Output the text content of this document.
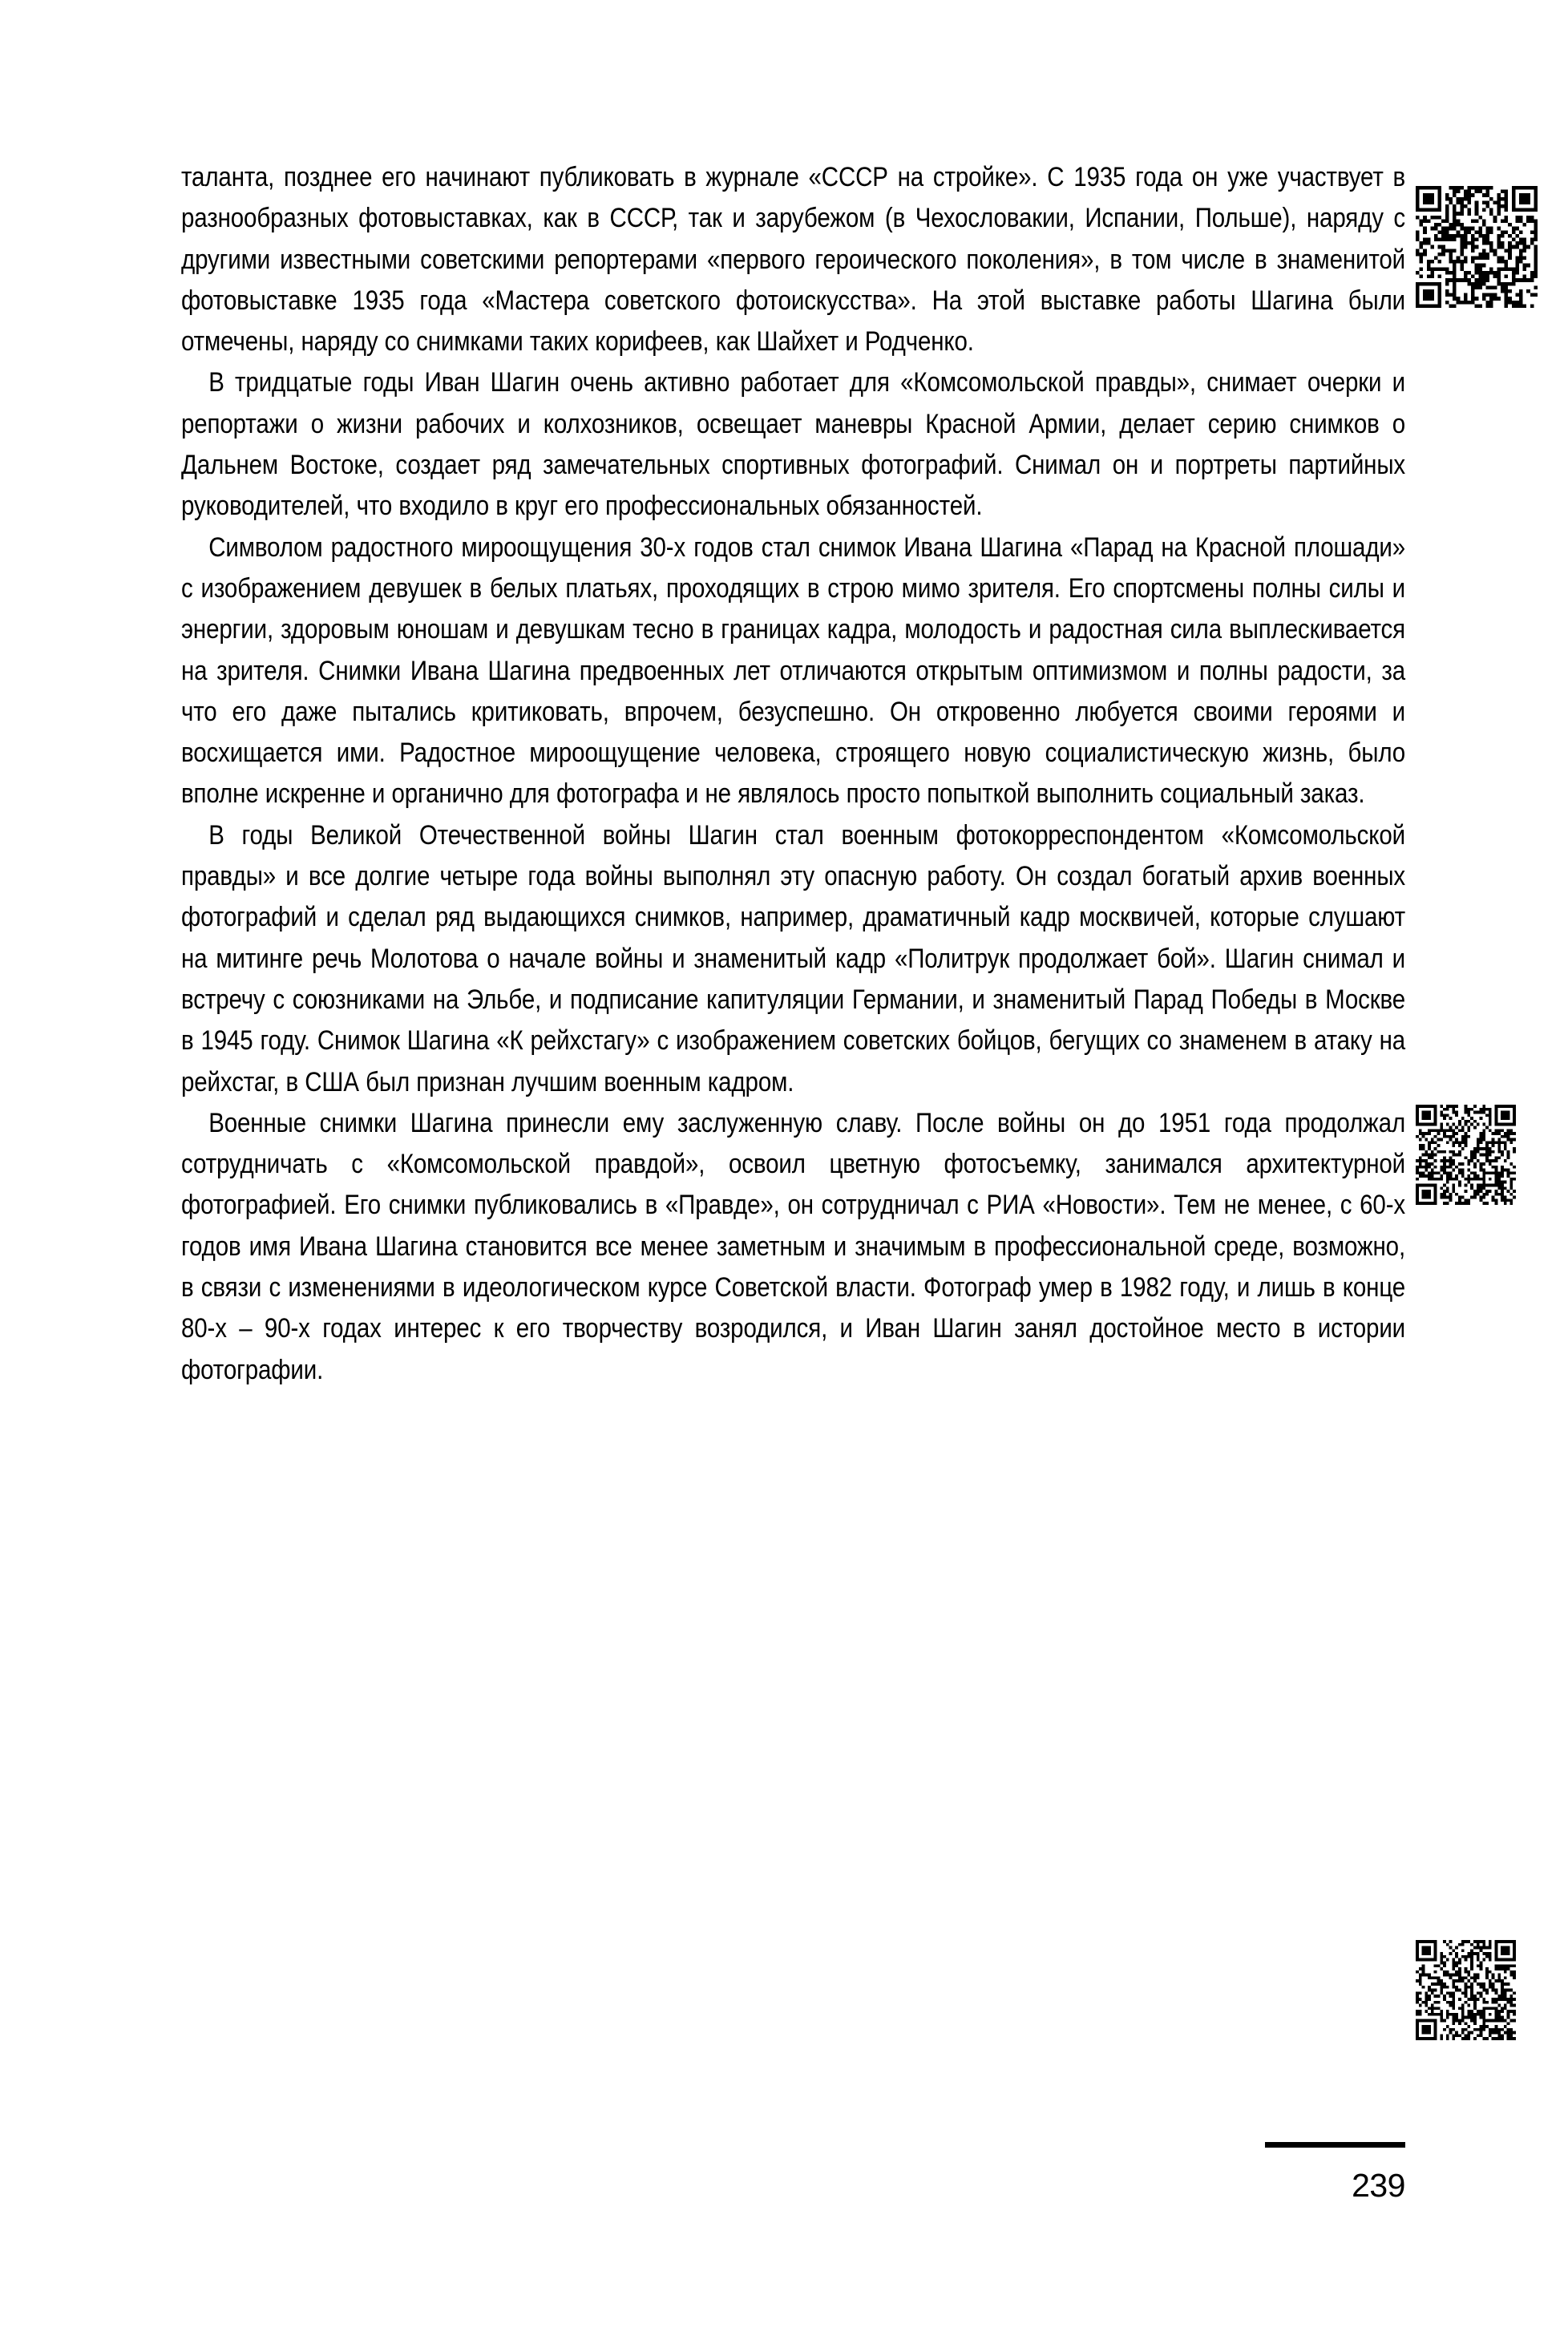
таланта, позднее его начинают публиковать в журнале «СССР на стройке». С 1935 года он уже участвует в разнообразных фотовыставках, как в СССР, так и зарубежом (в Чехословакии, Испании, Польше), наряду с другими известными советскими репортерами «первого героического поколения», в том числе в знаменитой фотовыставке 1935 года «Мастера советского фотоискусства». На этой выставке работы Шагина были отмечены, наряду со снимками таких корифеев, как Шайхет и Родченко.

В тридцатые годы Иван Шагин очень активно работает для «Комсомольской правды», снимает очерки и репортажи о жизни рабочих и колхозников, освещает маневры Красной Армии, делает серию снимков о Дальнем Востоке, создает ряд замечательных спортивных фотографий. Снимал он и портреты партийных руководителей, что входило в круг его профессиональных обязанностей.

Символом радостного мироощущения 30-х годов стал снимок Ивана Шагина «Парад на Красной плошади» с изображением девушек в белых платьях, проходящих в строю мимо зрителя. Его спортсмены полны силы и энергии, здоровым юношам и девушкам тесно в границах кадра, молодость и радостная сила выплескивается на зрителя. Снимки Ивана Шагина предвоенных лет отличаются открытым оптимизмом и полны радости, за что его даже пытались критиковать, впрочем, безуспешно. Он откровенно любуется своими героями и восхищается ими. Радостное мироощущение человека, строящего новую социалистическую жизнь, было вполне искренне и органично для фотографа и не являлось просто попыткой выполнить социальный заказ.

В годы Великой Отечественной войны Шагин стал военным фотокорреспондентом «Комсомольской правды» и все долгие четыре года войны выполнял эту опасную работу. Он создал богатый архив военных фотографий и сделал ряд выдающихся снимков, например, драматичный кадр москвичей, которые слушают на митинге речь Молотова о начале войны и знаменитый кадр «Политрук продолжает бой». Шагин снимал и встречу с союзниками на Эльбе, и подписание капитуляции Германии, и знаменитый Парад Победы в Москве в 1945 году. Снимок Шагина «К рейхстагу» с изображением советских бойцов, бегущих со знаменем в атаку на рейхстаг, в США был признан лучшим военным кадром.

Военные снимки Шагина принесли ему заслуженную славу. После войны он до 1951 года продолжал сотрудничать с «Комсомольской правдой», освоил цветную фотосъемку, занимался архитектурной фотографией. Его снимки публиковались в «Правде», он сотрудничал с РИА «Новости». Тем не менее, с 60-х годов имя Ивана Шагина становится все менее заметным и значимым в профессиональной среде, возможно, в связи с изменениями в идеологическом курсе Советской власти. Фотограф умер в 1982 году, и лишь в конце 80-х – 90-х годах интерес к его творчеству возродился, и Иван Шагин занял достойное место в истории фотографии.

239
